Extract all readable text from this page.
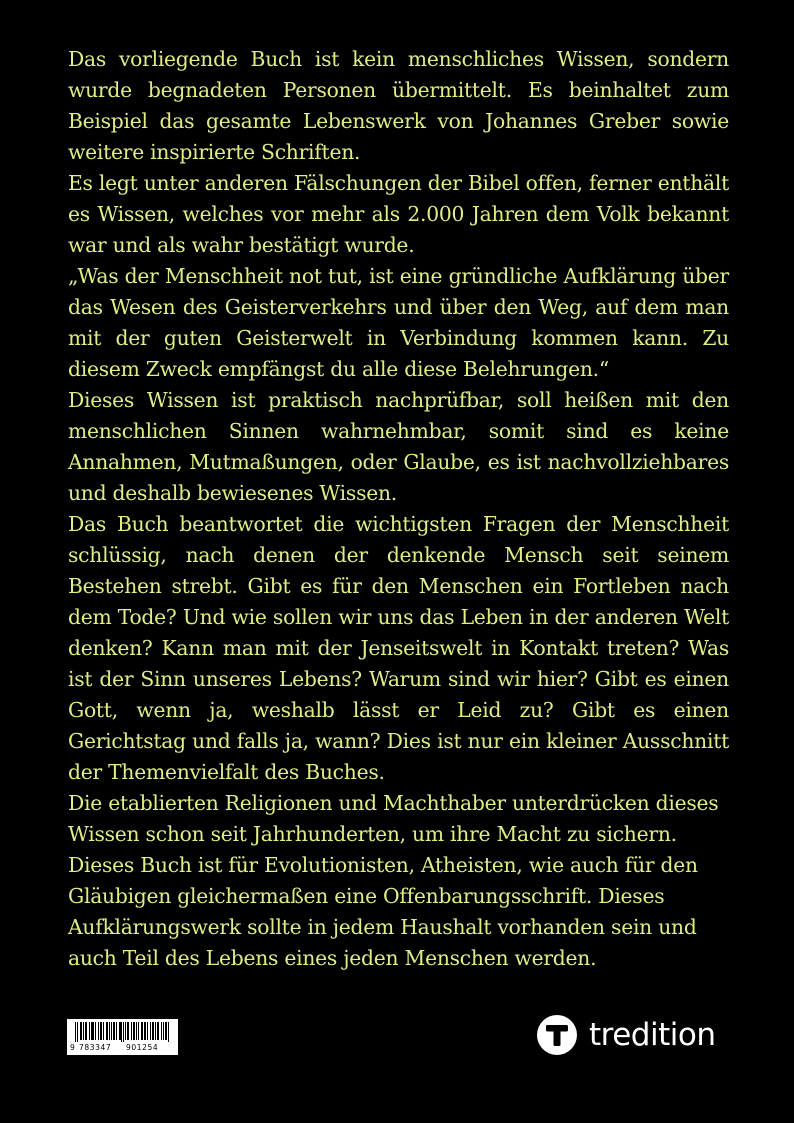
Das vorliegende Buch ist kein menschliches Wissen, sondern wurde begnadeten Personen übermittelt. Es beinhaltet zum Beispiel das gesamte Lebenswerk von Johannes Greber sowie weitere inspirierte Schriften.

Es legt unter anderen Fälschungen der Bibel offen, ferner enthält es Wissen, welches vor mehr als 2.000 Jahren dem Volk bekannt war und als wahr bestätigt wurde.

„Was der Menschheit not tut, ist eine gründliche Aufklärung über das Wesen des Geisterverkehrs und über den Weg, auf dem man mit der guten Geisterwelt in Verbindung kommen kann. Zu diesem Zweck empfängst du alle diese Belehrungen.“

Dieses Wissen ist praktisch nachprüfbar, soll heißen mit den menschlichen Sinnen wahrnehmbar, somit sind es keine Annahmen, Mutmaßungen, oder Glaube, es ist nachvollziehbares und deshalb bewiesenes Wissen.

Das Buch beantwortet die wichtigsten Fragen der Menschheit schlüssig, nach denen der denkende Mensch seit seinem Bestehen strebt. Gibt es für den Menschen ein Fortleben nach dem Tode? Und wie sollen wir uns das Leben in der anderen Welt denken? Kann man mit der Jenseitswelt in Kontakt treten? Was ist der Sinn unseres Lebens? Warum sind wir hier? Gibt es einen Gott, wenn ja, weshalb lässt er Leid zu? Gibt es einen Gerichtstag und falls ja, wann? Dies ist nur ein kleiner Ausschnitt der Themenvielfalt des Buches.

Die etablierten Religionen und Machthaber unterdrücken dieses Wissen schon seit Jahrhunderten, um ihre Macht zu sichern. Dieses Buch ist für Evolutionisten, Atheisten, wie auch für den Gläubigen gleichermaßen eine Offenbarungsschrift. Dieses Aufklärungswerk sollte in jedem Haushalt vorhanden sein und auch Teil des Lebens eines jeden Menschen werden.

9 783347	901254	tredition
